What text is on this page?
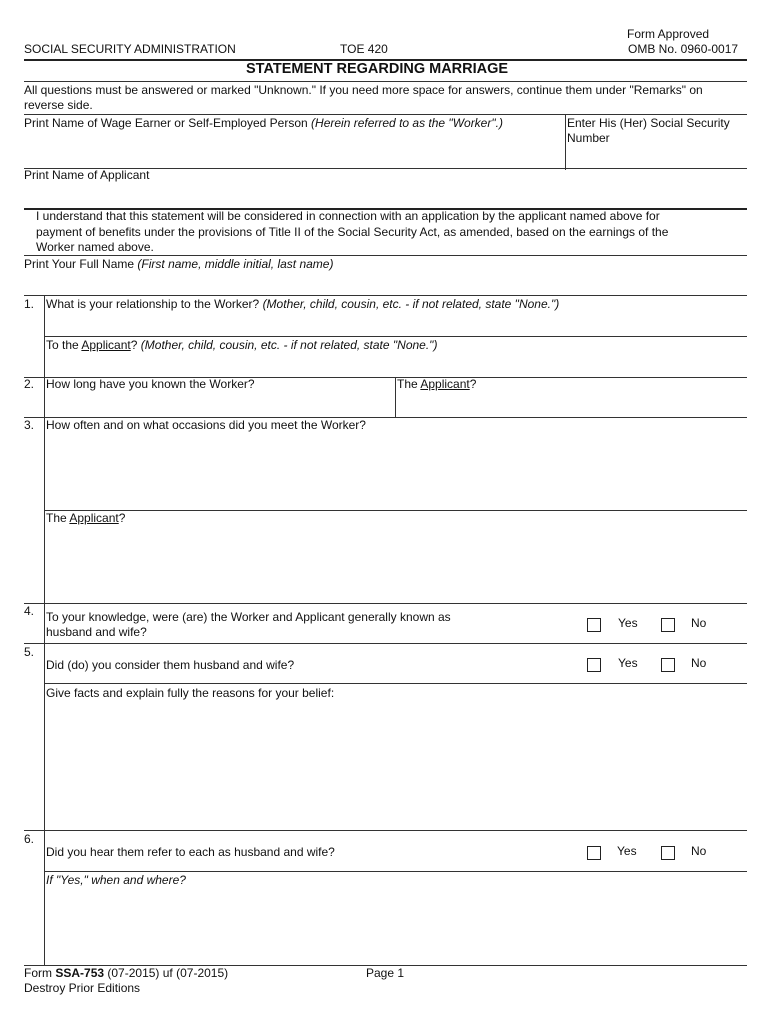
SOCIAL SECURITY ADMINISTRATION	TOE 420
Form Approved
OMB No. 0960-0017
STATEMENT REGARDING MARRIAGE
All questions must be answered or marked "Unknown." If you need more space for answers, continue them under "Remarks" on
reverse side.
Print Name of Wage Earner or Self-Employed Person (Herein referred to as the "Worker".)	Enter His (Her) Social Security
Number
Print Name of Applicant
I understand that this statement will be considered in connection with an application by the applicant named above for
payment of benefits under the provisions of Title II of the Social Security Act, as amended, based on the earnings of the
Worker named above.
Print Your Full Name (First name, middle initial, last name)
1. What is your relationship to the Worker? (Mother, child, cousin, etc. - if not related, state "None.")
To the Applicant? (Mother, child, cousin, etc. - if not related, state "None.")
2. How long have you known the Worker?	The Applicant?
3. How often and on what occasions did you meet the Worker?
The Applicant?
4. To your knowledge, were (are) the Worker and Applicant generally known as
husband and wife?
Yes	No
5.
Did (do) you consider them husband and wife?	Yes	No
Give facts and explain fully the reasons for your belief:
6.
Did you hear them refer to each as husband and wife?	Yes	No
If "Yes," when and where?
Form SSA-753 (07-2015) uf (07-2015)	Page 1
Destroy Prior Editions
